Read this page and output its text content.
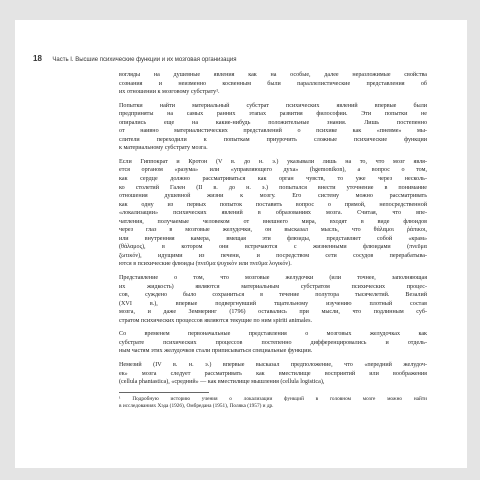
18 Часть I. Высшие психические функции и их мозговая организация
вогляды на душевные явления как на особые, далее неразложимые свойства
сознания и неизменно косвенным были параллелистические представления об
их отношении к мозговому субстрату¹.
Попытки найти материальный субстрат психических явлений впервые были
предприняты на самых ранних этапах развития философии. Эти попытки не
опирались еще на какие-нибудь положительные знания. Лишь постепенно
от наивно материалистических представлений о психике как «пневме» мы-
слители переходили к попыткам приурочить сложные психические функции
к материальному субстрату мозга.
Если Гиппократ и Кротон (V в. до н. э.) указывали лишь на то, что мозг явля-
ется органом «разума» или «управляющего духа» (hgemonikon), а вопрос о том,
как сердце должно рассматриваться как орган чувств, то уже через несколь-
ко столетий Гален (II в. до н. э.) попытался внести уточнение в понимание
отношения душевной жизни к мозгу. Его систему можно рассматривать
как одну из первых попыток поставить вопрос о прямой, непосредственной
«локализации» психических явлений в образованиях мозга. Считая, что впе-
чатления, получаемые человеком от внешнего мира, входят в виде флюидов
через глаз в мозговые желудочки, он высказал мысль, что θάλαμοι ῥάπικοι,
или внутренняя камера, вмещая эти флюиды, представляет собой «крам»
(θάλαμος), в котором они встречаются с жизненными флюидами (πνεῦμα
ζωτικόν), идущими из печени, и посредством сети сосудов перерабатыва-
ются в психические флюиды (πνεῦμα ψυχικὸν или πνεῦμα λογικόν).
Представление о том, что мозговые желудочки (или точнее, заполняющая
их жидкость) являются материальным субстратом психических процес-
сов, суждено было сохраниться в течение полутора тысячелетий. Везалий
(XVI в.), впервые подвергнувший тщательному изучению плотный состав
мозга, и даже Земмеринг (1796) оставались при мысли, что подлинным суб-
стратом психических процессов являются текущие по ним spiriti animales.
Со временем первоначальные представления о мозговых желудочках как
субстрате психических процессов постепенно дифференцировались и отдель-
ным частям этих желудочков стали приписываться специальные функции.
Немезий (IV в. н. э.) впервые высказал предположение, что «передний желудоч-
ек» мозга следует рассматривать как вместилище восприятий или воображения
(cellula phantastica), «средний» — как вместилище мышления (cellula logistica),
¹ Подробную историю учения о локализации функций в головном мозге можно найти
в исследованиях Хэда (1926), Омбредана (1951), Поляка (1957) и др.
